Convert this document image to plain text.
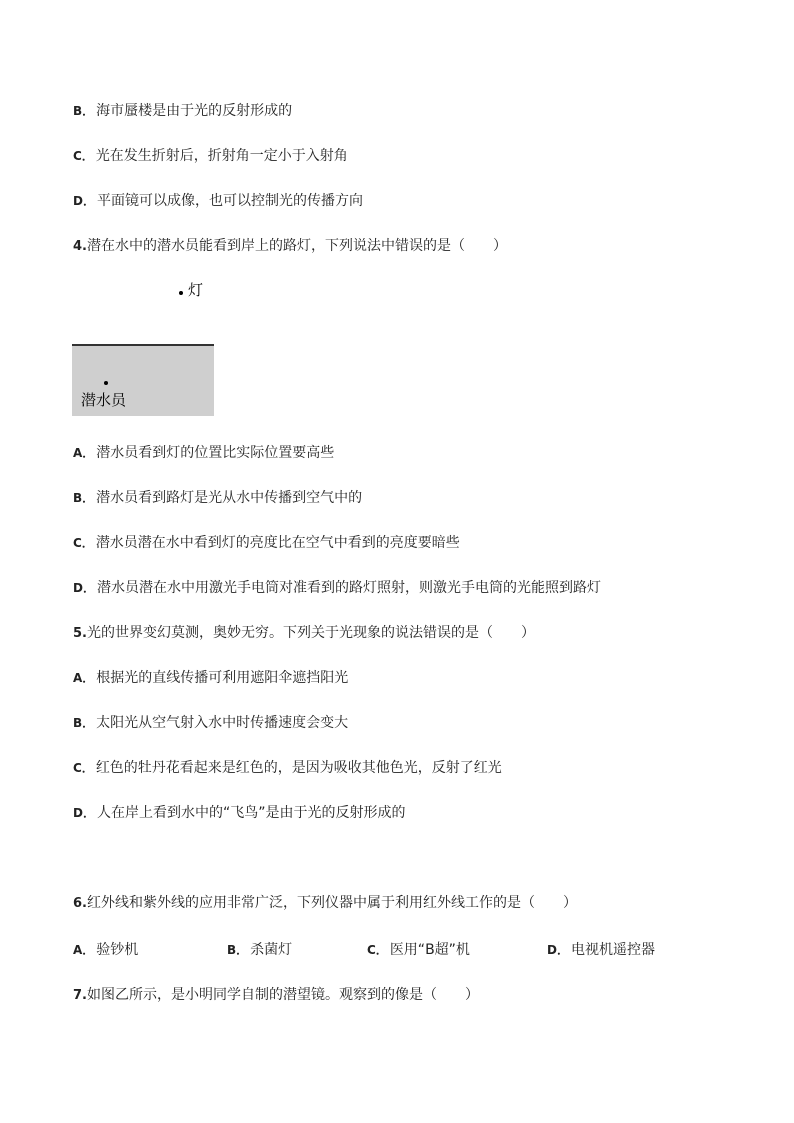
B． 海市蜃楼是由于光的反射形成的

C． 光在发生折射后，折射角一定小于入射角

D． 平面镜可以成像，也可以控制光的传播方向

4.潜在水中的潜水员能看到岸上的路灯，下列说法中错误的是（　　）

灯
潜水员

A． 潜水员看到灯的位置比实际位置要高些

B． 潜水员看到路灯是光从水中传播到空气中的

C． 潜水员潜在水中看到灯的亮度比在空气中看到的亮度要暗些

D． 潜水员潜在水中用激光手电筒对准看到的路灯照射，则激光手电筒的光能照到路灯

5.光的世界变幻莫测，奥妙无穷。下列关于光现象的说法错误的是（　　）

A． 根据光的直线传播可利用遮阳伞遮挡阳光

B． 太阳光从空气射入水中时传播速度会变大

C． 红色的牡丹花看起来是红色的，是因为吸收其他色光，反射了红光

D． 人在岸上看到水中的“飞鸟”是由于光的反射形成的

6.红外线和紫外线的应用非常广泛，下列仪器中属于利用红外线工作的是（　　）

A． 验钞机	B． 杀菌灯	C． 医用“B超”机	D． 电视机遥控器

7.如图乙所示，是小明同学自制的潜望镜。观察到的像是（　　）
